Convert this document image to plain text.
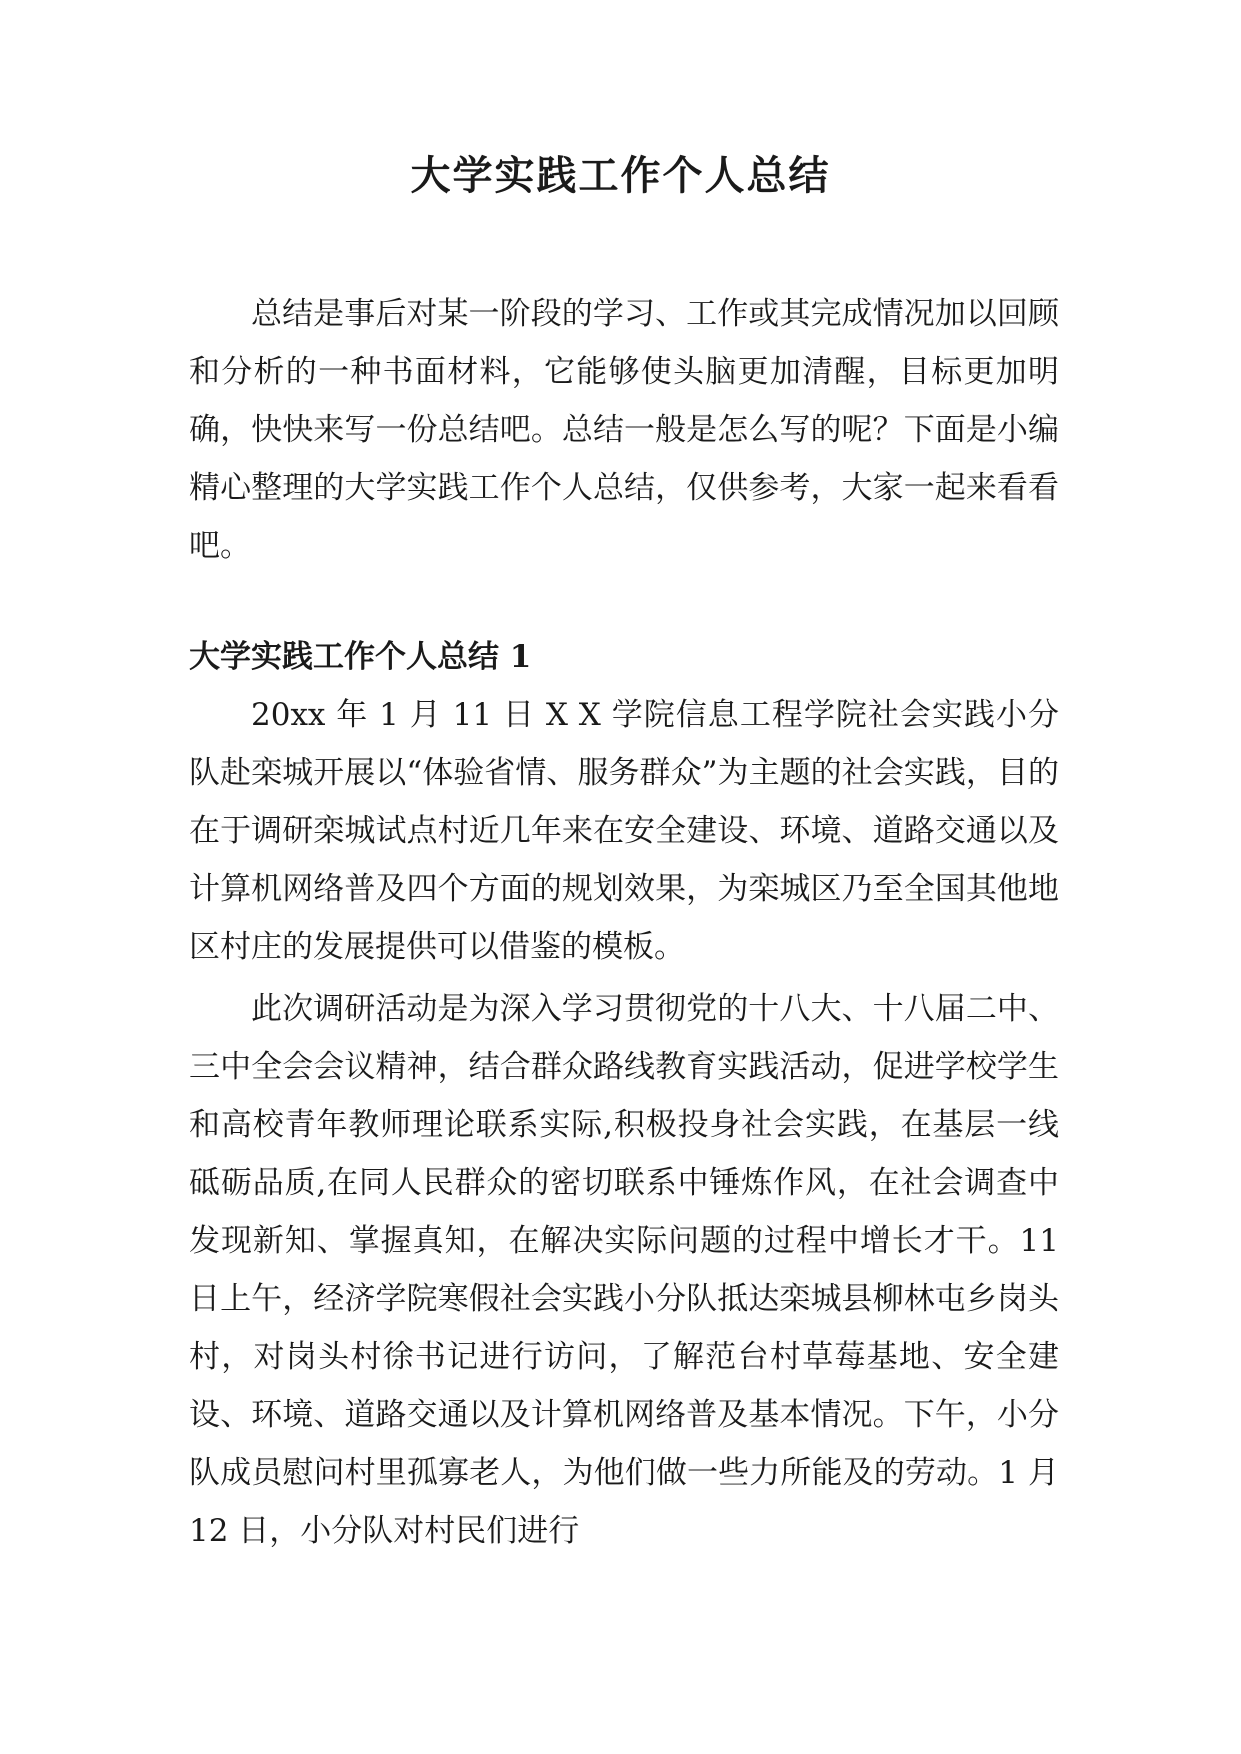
大学实践工作个人总结

总结是事后对某一阶段的学习、工作或其完成情况加以回顾和分析的一种书面材料，它能够使头脑更加清醒，目标更加明确，快快来写一份总结吧。总结一般是怎么写的呢？下面是小编精心整理的大学实践工作个人总结，仅供参考，大家一起来看看吧。

大学实践工作个人总结 1

20xx 年 1 月 11 日 X X 学院信息工程学院社会实践小分队赴栾城开展以“体验省情、服务群众”为主题的社会实践，目的在于调研栾城试点村近几年来在安全建设、环境、道路交通以及计算机网络普及四个方面的规划效果，为栾城区乃至全国其他地区村庄的发展提供可以借鉴的模板。

此次调研活动是为深入学习贯彻党的十八大、十八届二中、三中全会会议精神，结合群众路线教育实践活动，促进学校学生和高校青年教师理论联系实际,积极投身社会实践，在基层一线砥砺品质,在同人民群众的密切联系中锤炼作风，在社会调查中发现新知、掌握真知，在解决实际问题的过程中增长才干。11 日上午，经济学院寒假社会实践小分队抵达栾城县柳林屯乡岗头村，对岗头村徐书记进行访问，了解范台村草莓基地、安全建设、环境、道路交通以及计算机网络普及基本情况。下午，小分队成员慰问村里孤寡老人，为他们做一些力所能及的劳动。1 月 12 日，小分队对村民们进行
